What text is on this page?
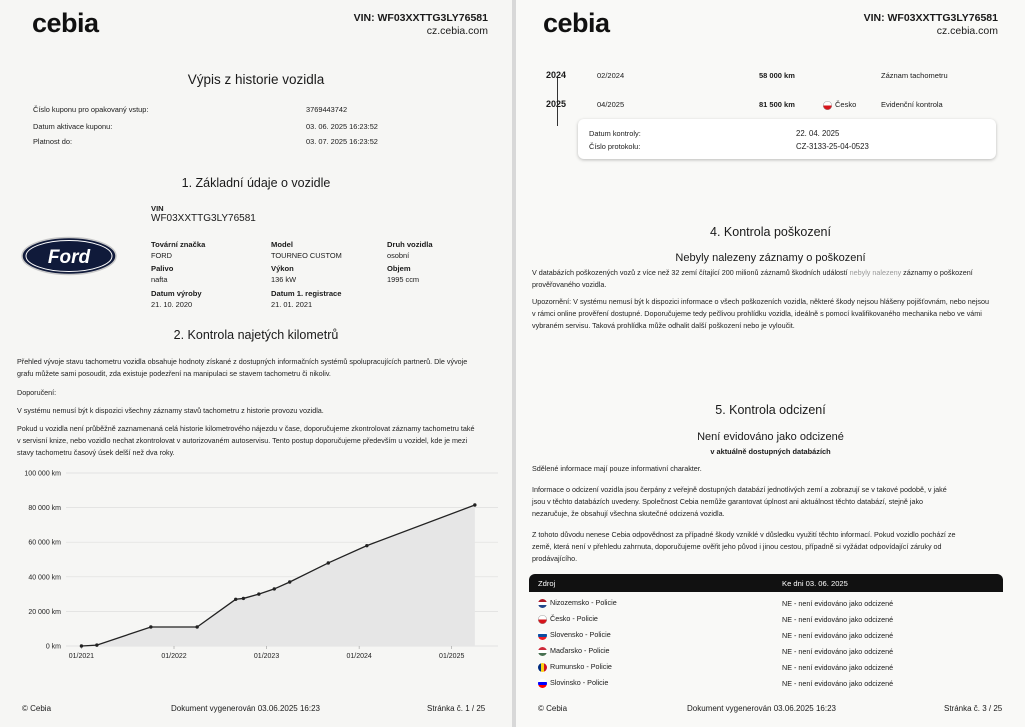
cebia	VIN: WF03XXTTG3LY76581
cz.cebia.com
Výpis z historie vozidla
Číslo kuponu pro opakovaný vstup:	3769443742
Datum aktivace kuponu:	03. 06. 2025 16:23:52
Platnost do:	03. 07. 2025 16:23:52
1. Základní údaje o vozidle
VIN
WF03XXTTG3LY76581
Ford
Tovární značka
FORD
Model
TOURNEO CUSTOM
Druh vozidla
osobní
Palivo
nafta
Výkon
136 kW
Objem
1995 ccm
Datum výroby
21. 10. 2020
Datum 1. registrace
21. 01. 2021
2. Kontrola najetých kilometrů
Přehled vývoje stavu tachometru vozidla obsahuje hodnoty získané z dostupných informačních systémů spolupracujících partnerů. Dle vývoje
grafu můžete sami posoudit, zda existuje podezření na manipulaci se stavem tachometru či nikoliv.
Doporučení:
V systému nemusí být k dispozici všechny záznamy stavů tachometru z historie provozu vozidla.
Pokud u vozidla není průběžně zaznamenaná celá historie kilometrového nájezdu v čase, doporučujeme zkontrolovat záznamy tachometru také
v servisní knize, nebo vozidlo nechat zkontrolovat v autorizovaném autoservisu. Tento postup doporučujeme především u vozidel, kde je mezi
stavy tachometru časový úsek delší než dva roky.
0 km
20 000 km
40 000 km
60 000 km
80 000 km
100 000 km
01/2021	01/2022	01/2023	01/2024	01/2025
© Cebia	Dokument vygenerován 03.06.2025 16:23	Stránka č. 1 / 25
cebia	VIN: WF03XXTTG3LY76581
cz.cebia.com
2024	02/2024	58 000 km	Záznam tachometru
2025	04/2025	81 500 km	Česko	Evidenční kontrola
Datum kontroly:	22. 04. 2025
Číslo protokolu:	CZ-3133-25-04-0523
4. Kontrola poškození
Nebyly nalezeny záznamy o poškození
V databázích poškozených vozů z více než 32 zemí čítající 200 milionů záznamů škodních událostí nebyly nalezeny záznamy o poškození
prověřovaného vozidla.
Upozornění: V systému nemusí být k dispozici informace o všech poškozeních vozidla, některé škody nejsou hlášeny pojišťovnám, nebo nejsou
v rámci online prověření dostupné. Doporučujeme tedy pečlivou prohlídku vozidla, ideálně s pomocí kvalifikovaného mechanika nebo ve vámi
vybraném servisu. Taková prohlídka může odhalit další poškození nebo je vyloučit.
5. Kontrola odcizení
Není evidováno jako odcizené
v aktuálně dostupných databázích
Sdělené informace mají pouze informativní charakter.
Informace o odcizení vozidla jsou čerpány z veřejně dostupných databází jednotlivých zemí a zobrazují se v takové podobě, v jaké
jsou v těchto databázích uvedeny. Společnost Cebia nemůže garantovat úplnost ani aktuálnost těchto databází, stejně jako
nezaručuje, že obsahují všechna skutečné odcizená vozidla.
Z tohoto důvodu nenese Cebia odpovědnost za případné škody vzniklé v důsledku využití těchto informací. Pokud vozidlo pochází ze
země, která není v přehledu zahrnuta, doporučujeme ověřit jeho původ i jinou cestou, případně si vyžádat odpovídající záruky od
prodávajícího.
Zdroj	Ke dni 03. 06. 2025
Nizozemsko - Policie	NE - není evidováno jako odcizené
Česko - Policie	NE - není evidováno jako odcizené
Slovensko - Policie	NE - není evidováno jako odcizené
Maďarsko - Policie	NE - není evidováno jako odcizené
Rumunsko - Policie	NE - není evidováno jako odcizené
Slovinsko - Policie	NE - není evidováno jako odcizené
© Cebia	Dokument vygenerován 03.06.2025 16:23	Stránka č. 3 / 25
